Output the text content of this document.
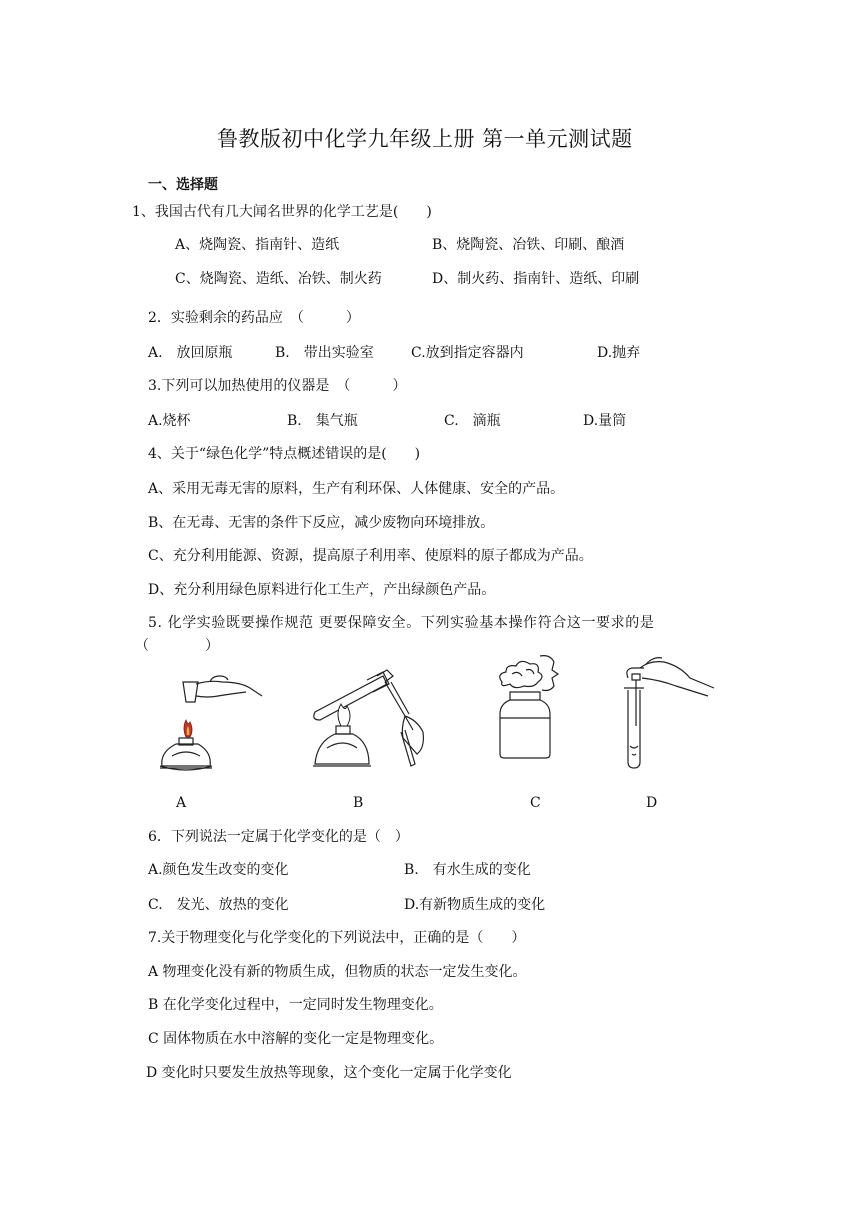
鲁教版初中化学九年级上册 第一单元测试题
一、选择题
1、我国古代有几大闻名世界的化学工艺是(　　)
A、烧陶瓷、指南针、造纸	B、烧陶瓷、冶铁、印刷、酿酒
C、烧陶瓷、造纸、冶铁、制火药	D、制火药、指南针、造纸、印刷
2．实验剩余的药品应　（　　　）
A.　放回原瓶	B.　带出实验室	C.放到指定容器内	D.抛弃
3.下列可以加热使用的仪器是　（　　　）
A.烧杯	B.　集气瓶	C.　滴瓶	D.量筒
4、关于“绿色化学”特点概述错误的是(　　)
A、采用无毒无害的原料，生产有利环保、人体健康、安全的产品。
B、在无毒、无害的条件下反应，减少废物向环境排放。
C、充分利用能源、资源，提高原子利用率、使原料的原子都成为产品。
D、充分利用绿色原料进行化工生产，产出绿颜色产品。
5. 化学实验既要操作规范 更要保障安全。下列实验基本操作符合这一要求的是
（　　　　）
A	B	C	D
6．下列说法一定属于化学变化的是（　）
A.颜色发生改变的变化	B.　有水生成的变化
C.　发光、放热的变化	D.有新物质生成的变化
7.关于物理变化与化学变化的下列说法中，正确的是（　　）
A 物理变化没有新的物质生成，但物质的状态一定发生变化。
B 在化学变化过程中，一定同时发生物理变化。
C 固体物质在水中溶解的变化一定是物理变化。
D 变化时只要发生放热等现象，这个变化一定属于化学变化
